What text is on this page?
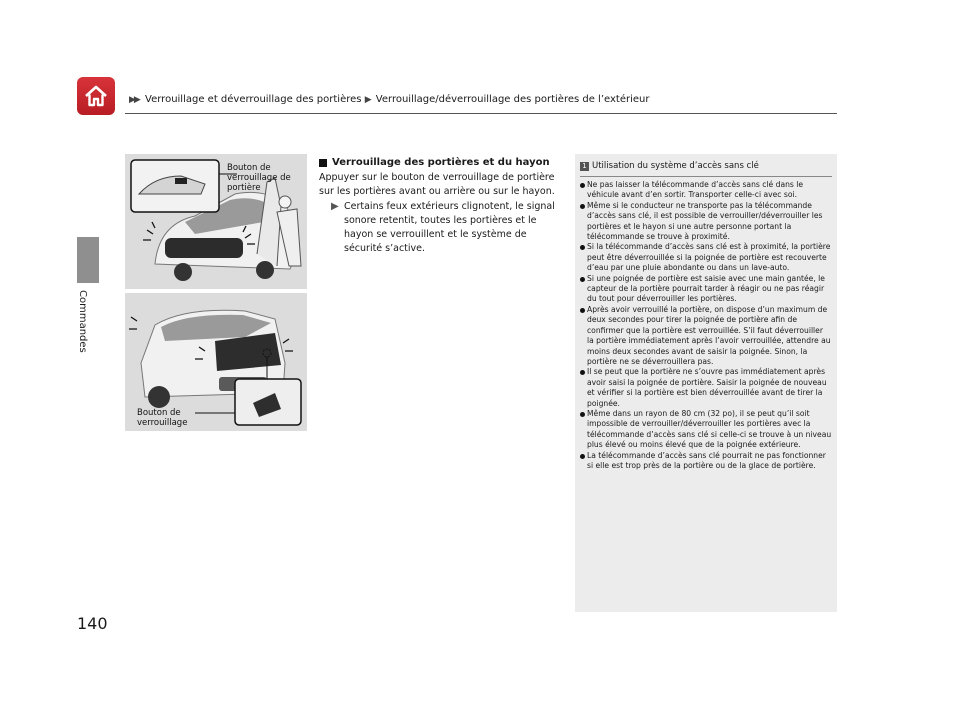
▶▶ Verrouillage et déverrouillage des portières ▶ Verrouillage/déverrouillage des portières de l’extérieur
Commandes
Bouton de verrouillage de portière
Bouton de verrouillage
Verrouillage des portières et du hayon

Appuyer sur le bouton de verrouillage de portière sur les portières avant ou arrière ou sur le hayon.

▶ Certains feux extérieurs clignotent, le signal sonore retentit, toutes les portières et le hayon se verrouillent et le système de sécurité s’active.
1 Utilisation du système d’accès sans clé
Ne pas laisser la télécommande d’accès sans clé dans le véhicule avant d’en sortir. Transporter celle-ci avec soi.
Même si le conducteur ne transporte pas la télécommande d’accès sans clé, il est possible de verrouiller/déverrouiller les portières et le hayon si une autre personne portant la télécommande se trouve à proximité.
Si la télécommande d’accès sans clé est à proximité, la portière peut être déverrouillée si la poignée de portière est recouverte d’eau par une pluie abondante ou dans un lave-auto.
Si une poignée de portière est saisie avec une main gantée, le capteur de la portière pourrait tarder à réagir ou ne pas réagir du tout pour déverrouiller les portières.
Après avoir verrouillé la portière, on dispose d’un maximum de deux secondes pour tirer la poignée de portière afin de confirmer que la portière est verrouillée. S’il faut déverrouiller la portière immédiatement après l’avoir verrouillée, attendre au moins deux secondes avant de saisir la poignée. Sinon, la portière ne se déverrouillera pas.
Il se peut que la portière ne s’ouvre pas immédiatement après avoir saisi la poignée de portière. Saisir la poignée de nouveau et vérifier si la portière est bien déverrouillée avant de tirer la poignée.
Même dans un rayon de 80 cm (32 po), il se peut qu’il soit impossible de verrouiller/déverrouiller les portières avec la télécommande d’accès sans clé si celle-ci se trouve à un niveau plus élevé ou moins élevé que de la poignée extérieure.
La télécommande d’accès sans clé pourrait ne pas fonctionner si elle est trop près de la portière ou de la glace de portière.
140
